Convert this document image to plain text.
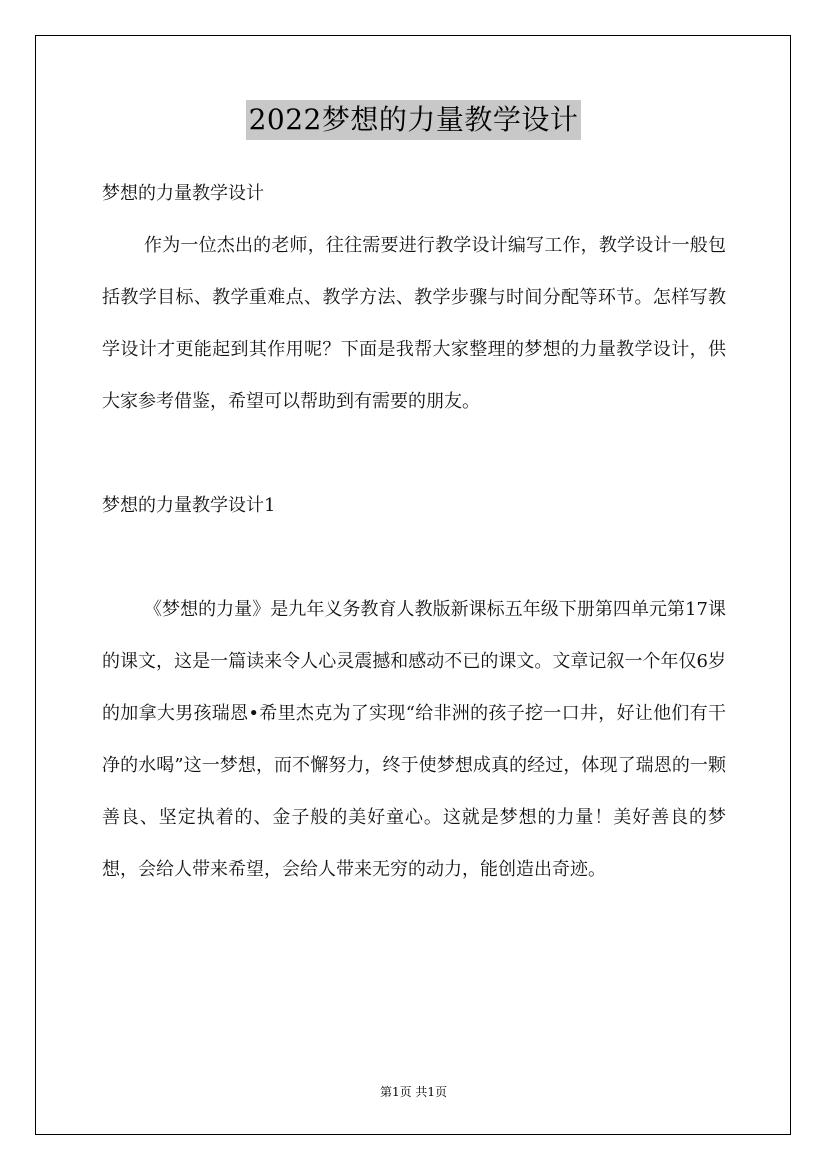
2022梦想的力量教学设计

梦想的力量教学设计

作为一位杰出的老师，往往需要进行教学设计编写工作，教学设计一般包括教学目标、教学重难点、教学方法、教学步骤与时间分配等环节。怎样写教学设计才更能起到其作用呢？下面是我帮大家整理的梦想的力量教学设计，供大家参考借鉴，希望可以帮助到有需要的朋友。

梦想的力量教学设计1

《梦想的力量》是九年义务教育人教版新课标五年级下册第四单元第17课的课文，这是一篇读来令人心灵震撼和感动不已的课文。文章记叙一个年仅6岁的加拿大男孩瑞恩•希里杰克为了实现“给非洲的孩子挖一口井，好让他们有干净的水喝”这一梦想，而不懈努力，终于使梦想成真的经过，体现了瑞恩的一颗善良、坚定执着的、金子般的美好童心。这就是梦想的力量！美好善良的梦想，会给人带来希望，会给人带来无穷的动力，能创造出奇迹。

第1页 共1页
